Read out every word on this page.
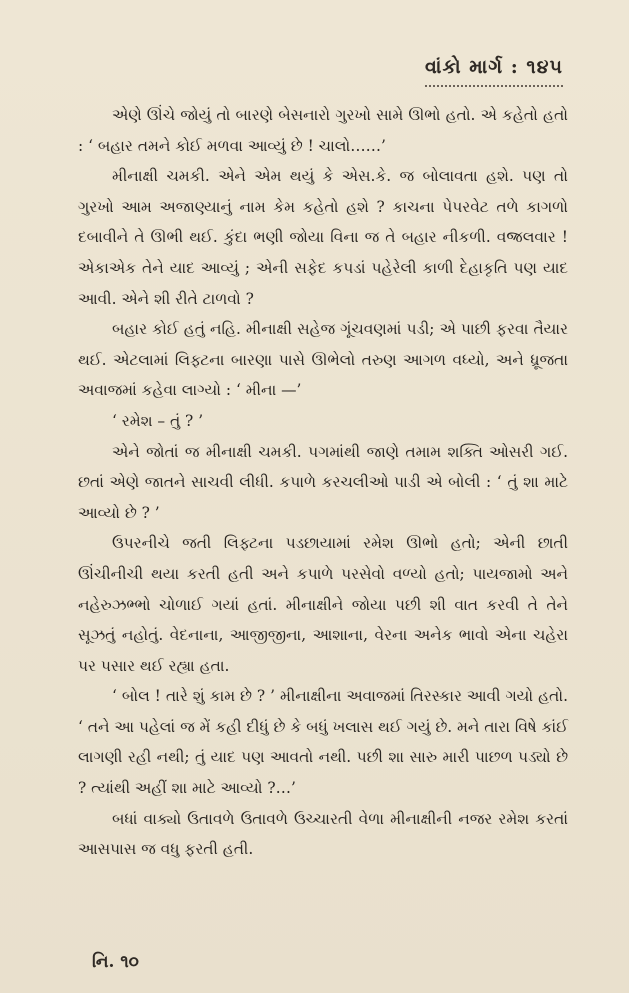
વાંકો માર્ગ : ૧૪૫

એણે ઊંચે જોયું તો બારણે બેસનારો ગુરખો સામે ઊભો હતો. એ કહેતો હતો : ‘ બહાર તમને કોઈ મળવા આવ્યું છે ! ચાલો……’

મીનાક્ષી ચમકી. એને એમ થયું કે એસ.કે. જ બોલાવતા હશે. પણ તો ગુરખો આમ અજાણ્યાનું નામ કેમ કહેતો હશે ? કાચના પેપરવેટ તળે કાગળો દબાવીને તે ઊભી થઈ. કુંદા ભણી જોયા વિના જ તે બહાર નીકળી. વજ્રલવાર ! એકાએક તેને યાદ આવ્યું ; એની સફેદ કપડાં પહેરેલી કાળી દેહાકૃતિ પણ યાદ આવી. એને શી રીતે ટાળવો ?

બહાર કોઈ હતું નહિ. મીનાક્ષી સહેજ ગૂંચવણમાં પડી; એ પાછી ફરવા તૈયાર થઈ. એટલામાં લિફ્ટના બારણા પાસે ઊભેલો તરુણ આગળ વધ્યો, અને ધ્રૂજતા અવાજમાં કહેવા લાગ્યો : ‘ મીના —’

‘ રમેશ – તું ? ’

એને જોતાં જ મીનાક્ષી ચમકી. પગમાંથી જાણે તમામ શક્તિ ઓસરી ગઈ. છતાં એણે જાતને સાચવી લીધી. કપાળે કરચલીઓ પાડી એ બોલી : ‘ તું શા માટે આવ્યો છે ? ’

ઉપરનીચે જતી લિફ્ટના પડછાયામાં રમેશ ઊભો હતો; એની છાતી ઊંચીનીચી થયા કરતી હતી અને કપાળે પરસેવો વળ્યો હતો; પાયજામો અને નહેરુઝભ્ભો ચોળાઈ ગયાં હતાં. મીનાક્ષીને જોયા પછી શી વાત કરવી તે તેને સૂઝતું નહોતું. વેદનાના, આજીજીના, આશાના, વેરના અનેક ભાવો એના ચહેરા પર પસાર થઈ રહ્યા હતા.

‘ બોલ ! તારે શું કામ છે ? ’ મીનાક્ષીના અવાજમાં તિરસ્કાર આવી ગયો હતો. ‘ તને આ પહેલાં જ મેં કહી દીધું છે કે બધું ખલાસ થઈ ગયું છે. મને તારા વિષે કાંઈ લાગણી રહી નથી; તું યાદ પણ આવતો નથી. પછી શા સારુ મારી પાછળ પડ્યો છે ? ત્યાંથી અહીં શા માટે આવ્યો ?…’

બધાં વાક્યો ઉતાવળે ઉતાવળે ઉચ્ચારતી વેળા મીનાક્ષીની નજર રમેશ કરતાં આસપાસ જ વધુ ફરતી હતી.

નિ. ૧૦
